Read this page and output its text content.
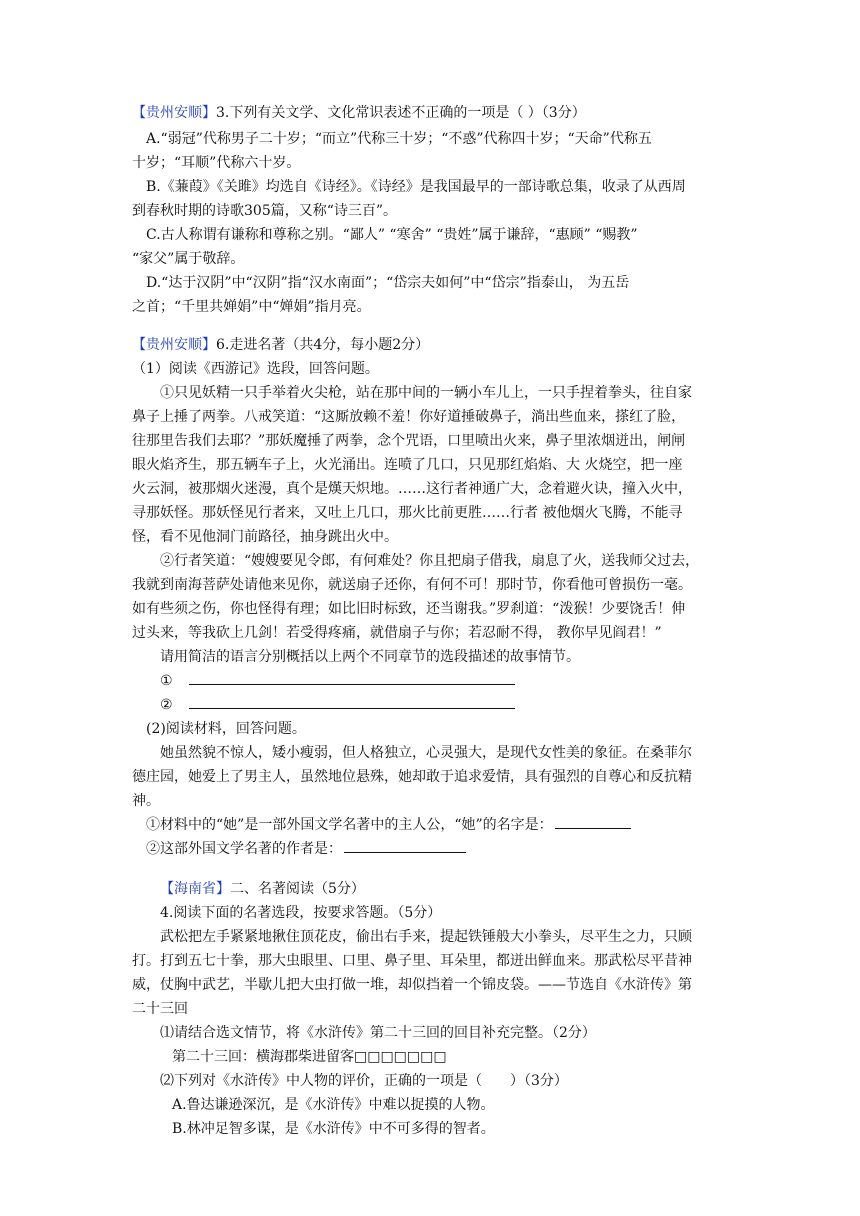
【贵州安顺】3.下列有关文学、文化常识表述不正确的一项是（ ）（3分）
A.“弱冠”代称男子二十岁；“而立”代称三十岁；“不惑”代称四十岁；“天命”代称五
十岁；“耳顺”代称六十岁。
B.《蒹葭》《关雎》均选自《诗经》。《诗经》是我国最早的一部诗歌总集，收录了从西周
到春秋时期的诗歌305篇，又称“诗三百”。
C.古人称谓有谦称和尊称之别。“鄙人” “寒舍” “贵姓”属于谦辞，“惠顾” “赐教”
“家父”属于敬辞。
D.“达于汉阴”中“汉阴”指“汉水南面”；“岱宗夫如何”中“岱宗”指泰山， 为五岳
之首；“千里共婵娟”中“婵娟”指月亮。
【贵州安顺】6.走进名著（共4分，每小题2分）
（1）阅读《西游记》选段，回答问题。
①只见妖精一只手举着火尖枪，站在那中间的一辆小车儿上，一只手捏着拳头，往自家
鼻子上捶了两拳。八戒笑道：“这厮放赖不羞！你好道捶破鼻子，淌出些血来，搽红了脸，
往那里告我们去耶？”那妖魔捶了两拳，念个咒语，口里喷出火来，鼻子里浓烟迸出，闸闸
眼火焰齐生，那五辆车子上，火光涌出。连喷了几口，只见那红焰焰、大 火烧空，把一座
火云洞，被那烟火迷漫，真个是熯天炽地。……这行者神通广大，念着避火诀，撞入火中，
寻那妖怪。那妖怪见行者来，又吐上几口，那火比前更胜……行者 被他烟火飞腾，不能寻
怪，看不见他洞门前路径，抽身跳出火中。
②行者笑道：“嫂嫂要见令郎，有何难处？你且把扇子借我，扇息了火，送我师父过去，
我就到南海菩萨处请他来见你，就送扇子还你，有何不可！那时节，你看他可曾损伤一毫。
如有些须之伤，你也怪得有理；如比旧时标致，还当谢我。”罗刹道：“泼猴！少要饶舌！伸
过头来，等我砍上几剑！若受得疼痛，就借扇子与你；若忍耐不得， 教你早见阎君！”
请用简洁的语言分别概括以上两个不同章节的选段描述的故事情节。
①
②
(2)阅读材料，回答问题。
她虽然貌不惊人，矮小瘦弱，但人格独立，心灵强大，是现代女性美的象征。在桑菲尔
德庄园，她爱上了男主人，虽然地位悬殊，她却敢于追求爱情，具有强烈的自尊心和反抗精
神。
①材料中的“她”是一部外国文学名著中的主人公，“她”的名字是：
②这部外国文学名著的作者是：
【海南省】二、名著阅读（5分）
4.阅读下面的名著选段，按要求答题。（5分）
武松把左手紧紧地揪住顶花皮，偷出右手来，提起铁锤般大小拳头，尽平生之力，只顾
打。打到五七十拳，那大虫眼里、口里、鼻子里、耳朵里，都迸出鲜血来。那武松尽平昔神
威，仗胸中武艺，半歇儿把大虫打做一堆，却似挡着一个锦皮袋。——节选自《水浒传》第
二十三回
⑴请结合选文情节，将《水浒传》第二十三回的回目补充完整。（2分）
第二十三回：横海郡柴进留客□□□□□□□
⑵下列对《水浒传》中人物的评价，正确的一项是（　　）（3分）
A.鲁达谦逊深沉，是《水浒传》中难以捉摸的人物。
B.林冲足智多谋，是《水浒传》中不可多得的智者。
